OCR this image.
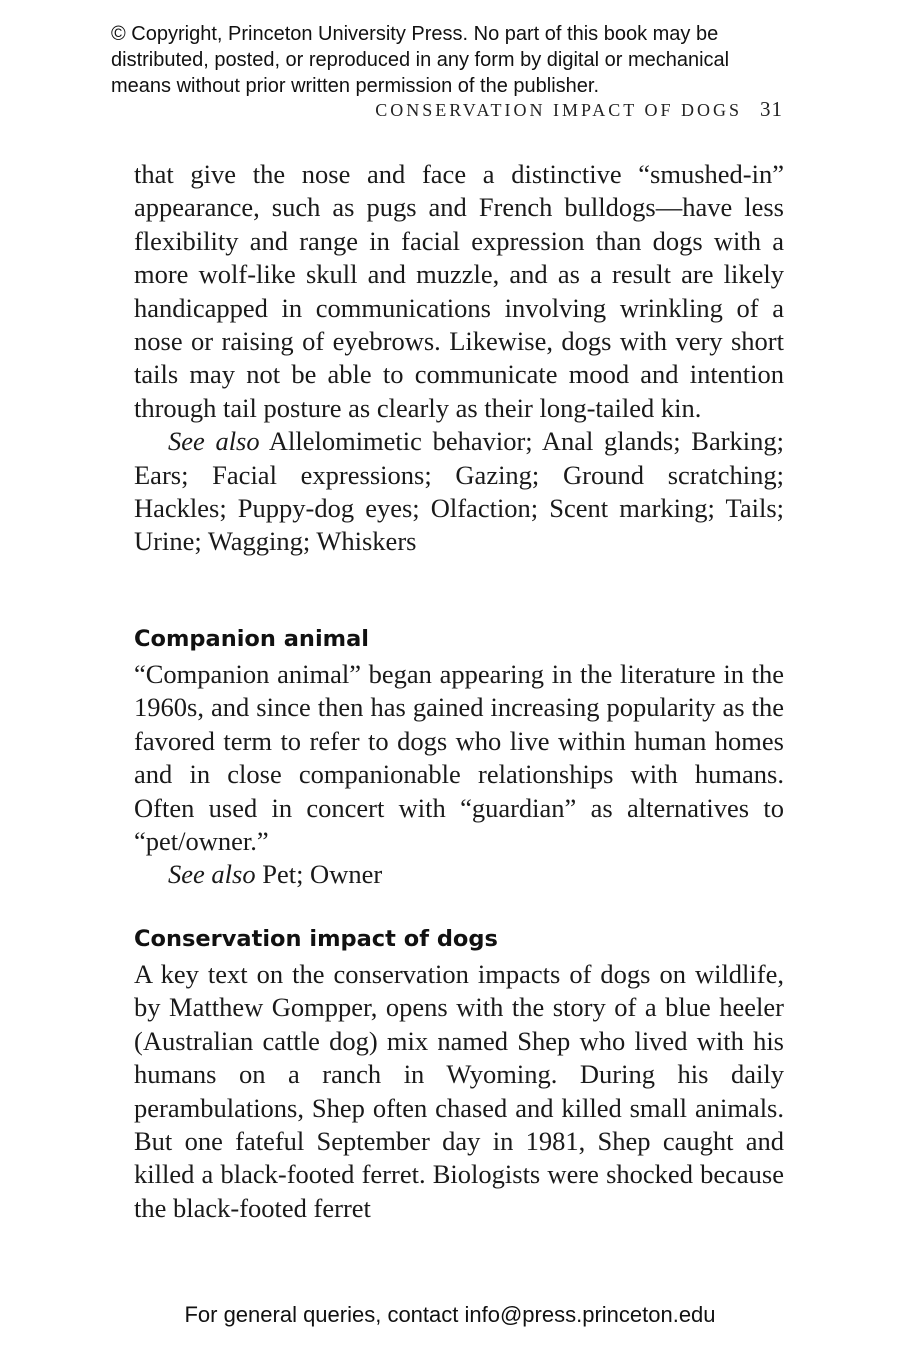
© Copyright, Princeton University Press. No part of this book may be
distributed, posted, or reproduced in any form by digital or mechanical
means without prior written permission of the publisher.
CONSERVATION IMPACT OF DOGS 31

that give the nose and face a distinctive “smushed-in” appearance, such as pugs and French bulldogs—have less flexibility and range in facial expression than dogs with a more wolf-like skull and muzzle, and as a result are likely handicapped in communications involving wrinkling of a nose or raising of eyebrows. Likewise, dogs with very short tails may not be able to communicate mood and intention through tail posture as clearly as their long-tailed kin.

See also Allelomimetic behavior; Anal glands; Barking; Ears; Facial expressions; Gazing; Ground scratching; Hackles; Puppy-dog eyes; Olfaction; Scent marking; Tails; Urine; Wagging; Whiskers

Companion animal

“Companion animal” began appearing in the literature in the 1960s, and since then has gained increasing popularity as the favored term to refer to dogs who live within human homes and in close companionable relationships with humans. Often used in concert with “guardian” as alternatives to “pet/owner.”

See also Pet; Owner

Conservation impact of dogs

A key text on the conservation impacts of dogs on wildlife, by Matthew Gompper, opens with the story of a blue heeler (Australian cattle dog) mix named Shep who lived with his humans on a ranch in Wyoming. During his daily perambulations, Shep often chased and killed small animals. But one fateful September day in 1981, Shep caught and killed a black-footed ferret. Biologists were shocked because the black-footed ferret

For general queries, contact info@press.princeton.edu
